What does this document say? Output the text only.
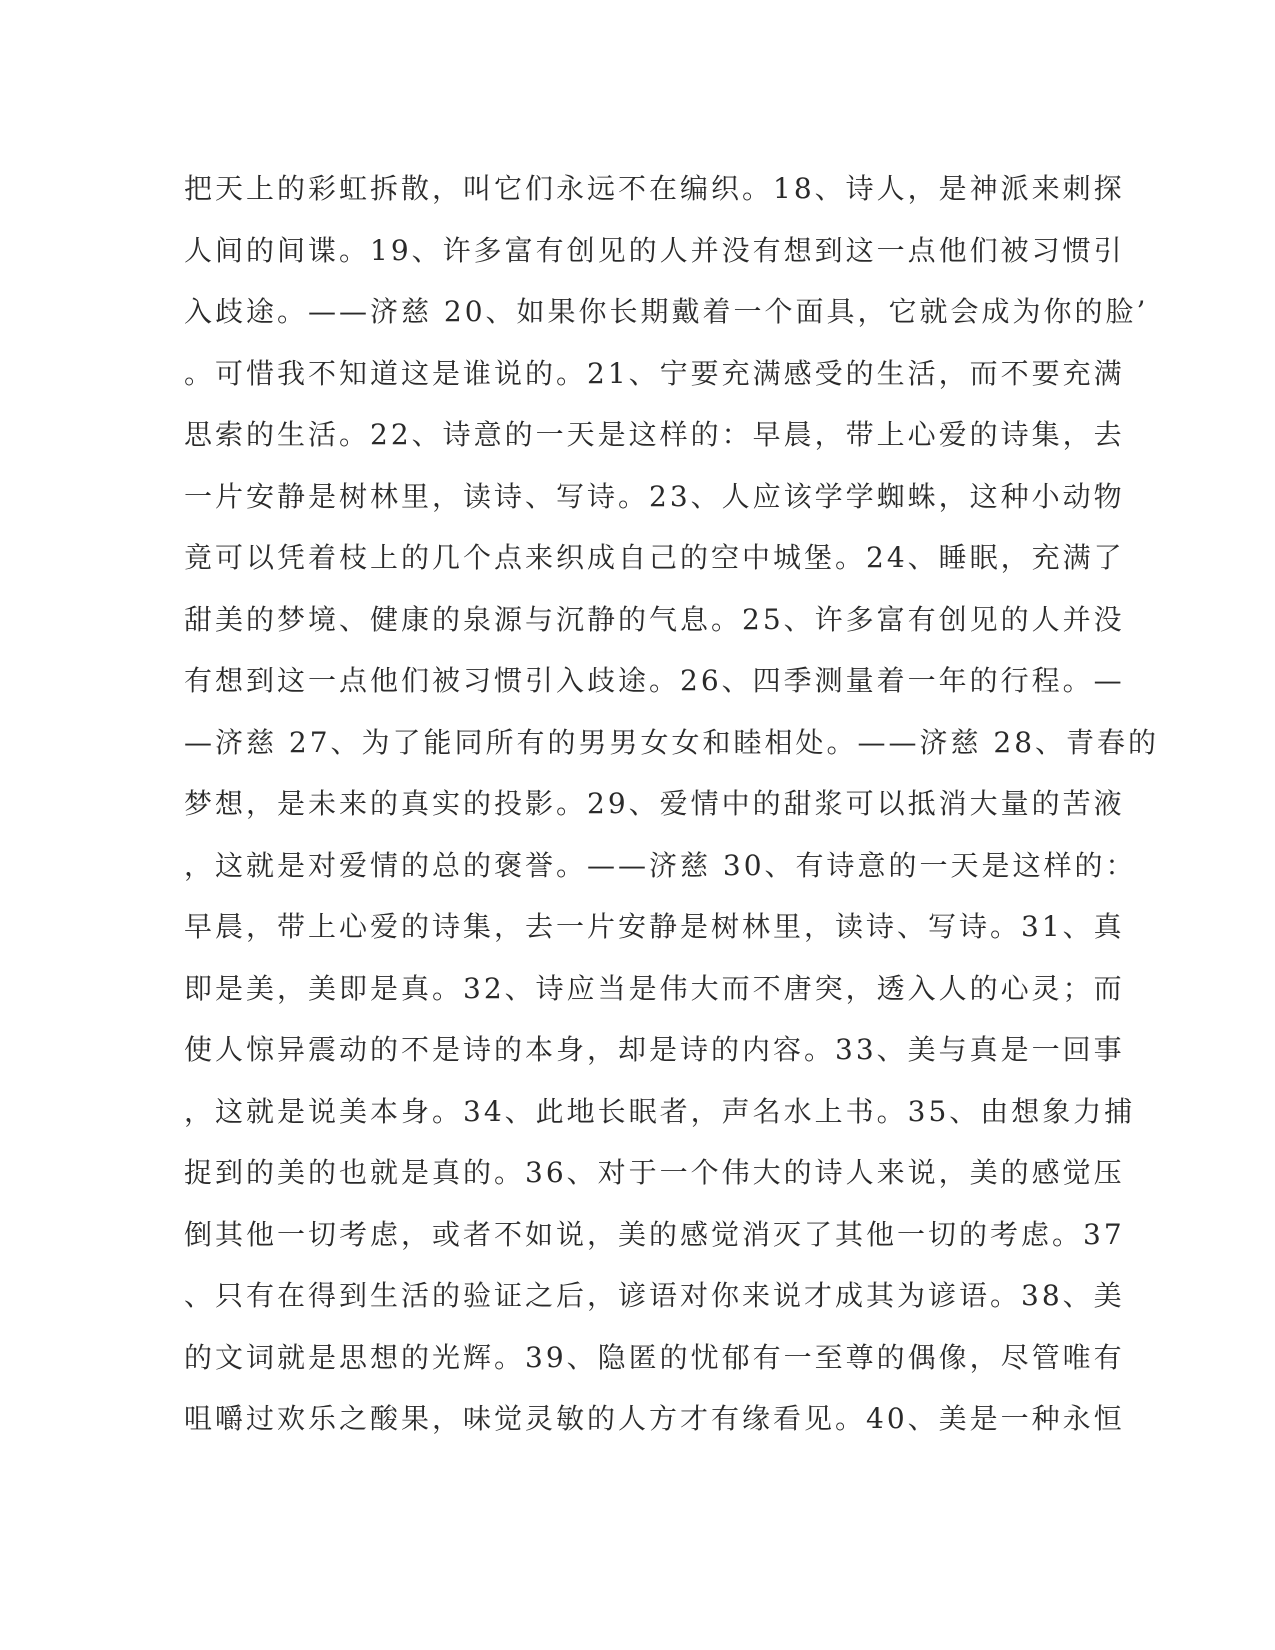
把天上的彩虹拆散，叫它们永远不在编织。18、诗人，是神派来刺探
人间的间谍。19、许多富有创见的人并没有想到这一点他们被习惯引
入歧途。——济慈 20、如果你长期戴着一个面具，它就会成为你的脸’
。可惜我不知道这是谁说的。21、宁要充满感受的生活，而不要充满
思索的生活。22、诗意的一天是这样的：早晨，带上心爱的诗集，去
一片安静是树林里，读诗、写诗。23、人应该学学蜘蛛，这种小动物
竟可以凭着枝上的几个点来织成自己的空中城堡。24、睡眠，充满了
甜美的梦境、健康的泉源与沉静的气息。25、许多富有创见的人并没
有想到这一点他们被习惯引入歧途。26、四季测量着一年的行程。—
—济慈 27、为了能同所有的男男女女和睦相处。——济慈 28、青春的
梦想，是未来的真实的投影。29、爱情中的甜浆可以抵消大量的苦液
，这就是对爱情的总的褒誉。——济慈 30、有诗意的一天是这样的：
早晨，带上心爱的诗集，去一片安静是树林里，读诗、写诗。31、真
即是美，美即是真。32、诗应当是伟大而不唐突，透入人的心灵；而
使人惊异震动的不是诗的本身，却是诗的内容。33、美与真是一回事
，这就是说美本身。34、此地长眠者，声名水上书。35、由想象力捕
捉到的美的也就是真的。36、对于一个伟大的诗人来说，美的感觉压
倒其他一切考虑，或者不如说，美的感觉消灭了其他一切的考虑。37
、只有在得到生活的验证之后，谚语对你来说才成其为谚语。38、美
的文词就是思想的光辉。39、隐匿的忧郁有一至尊的偶像，尽管唯有
咀嚼过欢乐之酸果，味觉灵敏的人方才有缘看见。40、美是一种永恒
